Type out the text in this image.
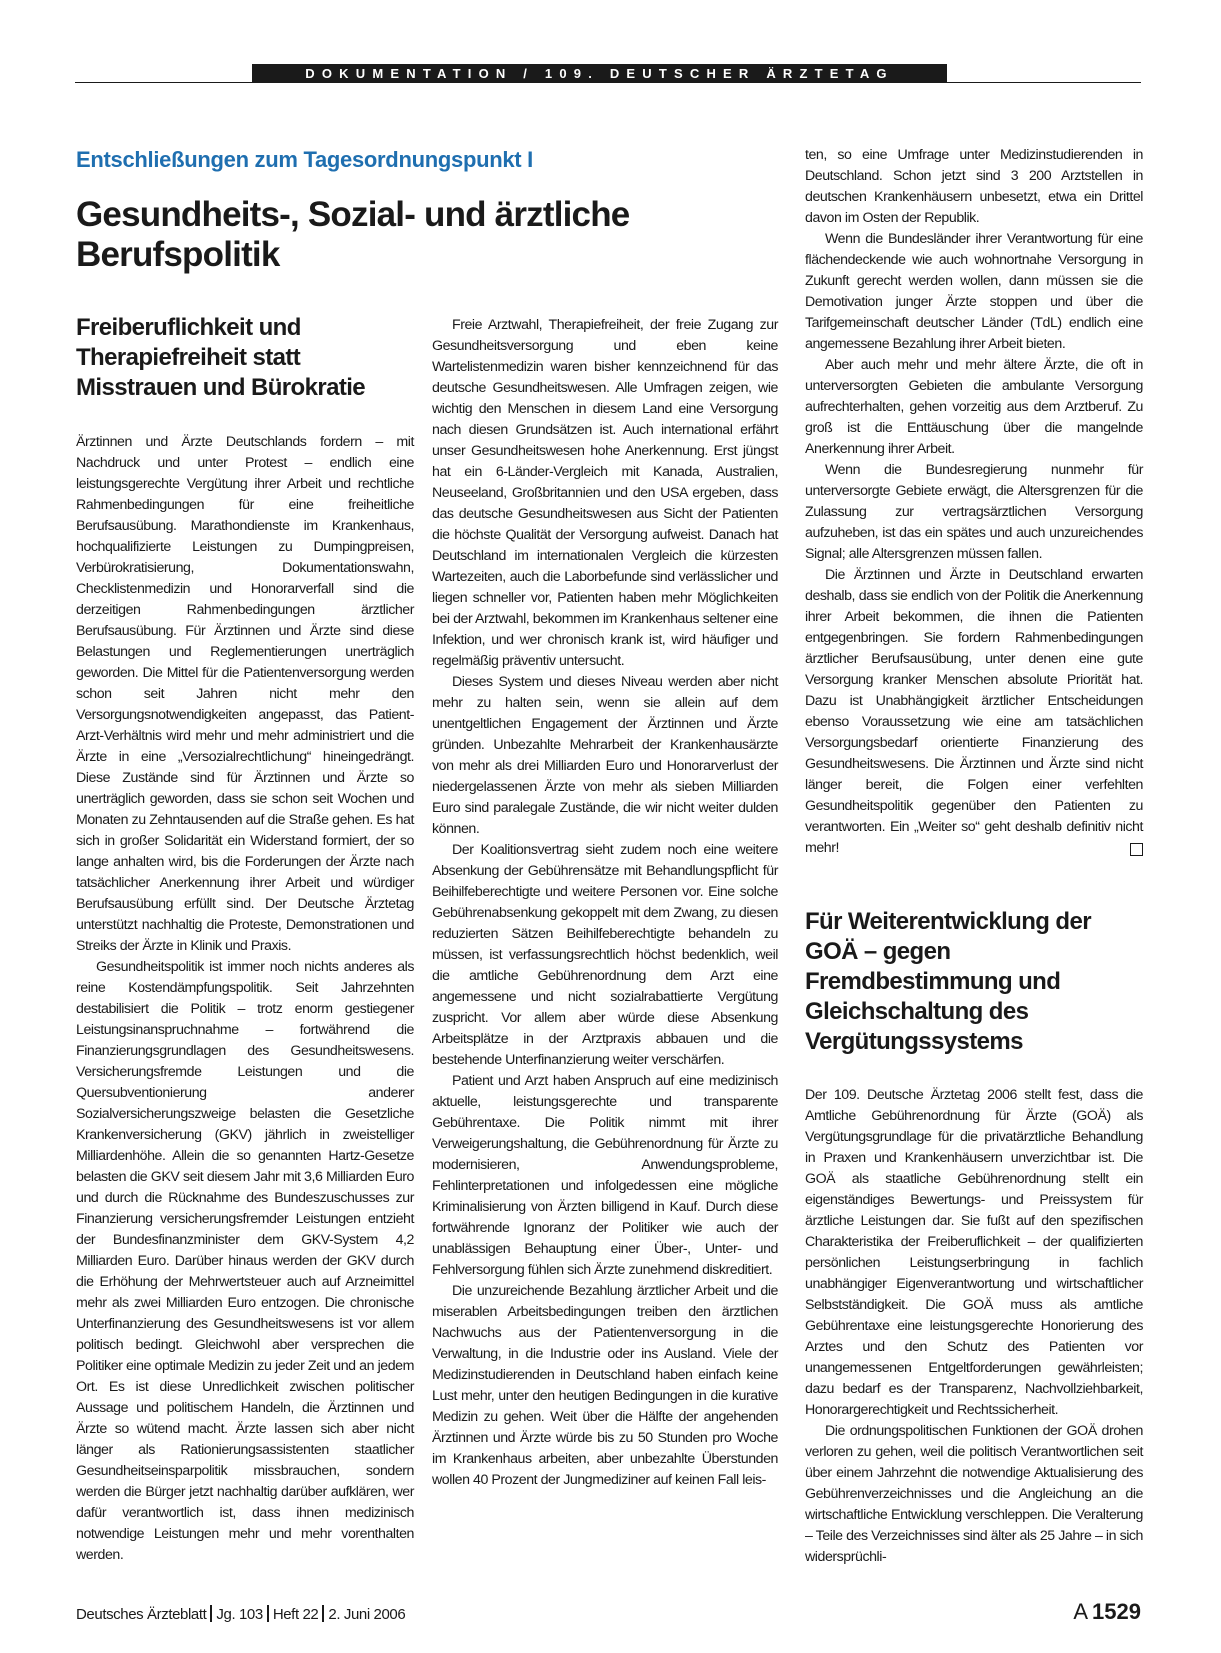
DOKUMENTATION / 109. DEUTSCHER ÄRZTETAG
Entschließungen zum Tagesordnungspunkt I
Gesundheits-, Sozial- und ärztliche Berufspolitik
Freiberuflichkeit und Therapiefreiheit statt Misstrauen und Bürokratie

Ärztinnen und Ärzte Deutschlands fordern – mit Nachdruck und unter Protest – endlich eine leistungsgerechte Vergütung ihrer Arbeit und rechtliche Rahmenbedingungen für eine freiheitliche Berufsausübung. Marathondienste im Krankenhaus, hochqualifizierte Leistungen zu Dumpingpreisen, Verbürokratisierung, Dokumentationswahn, Checklistenmedizin und Honorarverfall sind die derzeitigen Rahmenbedingungen ärztlicher Berufsausübung. Für Ärztinnen und Ärzte sind diese Belastungen und Reglementierungen unerträglich geworden. Die Mittel für die Patientenversorgung werden schon seit Jahren nicht mehr den Versorgungsnotwendigkeiten angepasst, das Patient-Arzt-Verhältnis wird mehr und mehr administriert und die Ärzte in eine „Versozialrechtlichung“ hineingedrängt. Diese Zustände sind für Ärztinnen und Ärzte so unerträglich geworden, dass sie schon seit Wochen und Monaten zu Zehntausenden auf die Straße gehen. Es hat sich in großer Solidarität ein Widerstand formiert, der so lange anhalten wird, bis die Forderungen der Ärzte nach tatsächlicher Anerkennung ihrer Arbeit und würdiger Berufsausübung erfüllt sind. Der Deutsche Ärztetag unterstützt nachhaltig die Proteste, Demonstrationen und Streiks der Ärzte in Klinik und Praxis.

Gesundheitspolitik ist immer noch nichts anderes als reine Kostendämpfungspolitik. Seit Jahrzehnten destabilisiert die Politik – trotz enorm gestiegener Leistungsinanspruchnahme – fortwährend die Finanzierungsgrundlagen des Gesundheitswesens. Versicherungsfremde Leistungen und die Quersubventionierung anderer Sozialversicherungszweige belasten die Gesetzliche Krankenversicherung (GKV) jährlich in zweistelliger Milliardenhöhe. Allein die so genannten Hartz-Gesetze belasten die GKV seit diesem Jahr mit 3,6 Milliarden Euro und durch die Rücknahme des Bundeszuschusses zur Finanzierung versicherungsfremder Leistungen entzieht der Bundesfinanzminister dem GKV-System 4,2 Milliarden Euro. Darüber hinaus werden der GKV durch die Erhöhung der Mehrwertsteuer auch auf Arzneimittel mehr als zwei Milliarden Euro entzogen. Die chronische Unterfinanzierung des Gesundheitswesens ist vor allem politisch bedingt. Gleichwohl aber versprechen die Politiker eine optimale Medizin zu jeder Zeit und an jedem Ort. Es ist diese Unredlichkeit zwischen politischer Aussage und politischem Handeln, die Ärztinnen und Ärzte so wütend macht. Ärzte lassen sich aber nicht länger als Rationierungsassistenten staatlicher Gesundheitseinsparpolitik missbrauchen, sondern werden die Bürger jetzt nachhaltig darüber aufklären, wer dafür verantwortlich ist, dass ihnen medizinisch notwendige Leistungen mehr und mehr vorenthalten werden.

Freie Arztwahl, Therapiefreiheit, der freie Zugang zur Gesundheitsversorgung und eben keine Wartelistenmedizin waren bisher kennzeichnend für das deutsche Gesundheitswesen. Alle Umfragen zeigen, wie wichtig den Menschen in diesem Land eine Versorgung nach diesen Grundsätzen ist. Auch international erfährt unser Gesundheitswesen hohe Anerkennung. Erst jüngst hat ein 6-Länder-Vergleich mit Kanada, Australien, Neuseeland, Großbritannien und den USA ergeben, dass das deutsche Gesundheitswesen aus Sicht der Patienten die höchste Qualität der Versorgung aufweist. Danach hat Deutschland im internationalen Vergleich die kürzesten Wartezeiten, auch die Laborbefunde sind verlässlicher und liegen schneller vor, Patienten haben mehr Möglichkeiten bei der Arztwahl, bekommen im Krankenhaus seltener eine Infektion, und wer chronisch krank ist, wird häufiger und regelmäßig präventiv untersucht.

Dieses System und dieses Niveau werden aber nicht mehr zu halten sein, wenn sie allein auf dem unentgeltlichen Engagement der Ärztinnen und Ärzte gründen. Unbezahlte Mehrarbeit der Krankenhausärzte von mehr als drei Milliarden Euro und Honorarverlust der niedergelassenen Ärzte von mehr als sieben Milliarden Euro sind paralegale Zustände, die wir nicht weiter dulden können.

Der Koalitionsvertrag sieht zudem noch eine weitere Absenkung der Gebührensätze mit Behandlungspflicht für Beihilfeberechtigte und weitere Personen vor. Eine solche Gebührenabsenkung gekoppelt mit dem Zwang, zu diesen reduzierten Sätzen Beihilfeberechtigte behandeln zu müssen, ist verfassungsrechtlich höchst bedenklich, weil die amtliche Gebührenordnung dem Arzt eine angemessene und nicht sozialrabattierte Vergütung zuspricht. Vor allem aber würde diese Absenkung Arbeitsplätze in der Arztpraxis abbauen und die bestehende Unterfinanzierung weiter verschärfen.

Patient und Arzt haben Anspruch auf eine medizinisch aktuelle, leistungsgerechte und transparente Gebührentaxe. Die Politik nimmt mit ihrer Verweigerungshaltung, die Gebührenordnung für Ärzte zu modernisieren, Anwendungsprobleme, Fehlinterpretationen und infolgedessen eine mögliche Kriminalisierung von Ärzten billigend in Kauf. Durch diese fortwährende Ignoranz der Politiker wie auch der unablässigen Behauptung einer Über-, Unter- und Fehlversorgung fühlen sich Ärzte zunehmend diskreditiert.

Die unzureichende Bezahlung ärztlicher Arbeit und die miserablen Arbeitsbedingungen treiben den ärztlichen Nachwuchs aus der Patientenversorgung in die Verwaltung, in die Industrie oder ins Ausland. Viele der Medizinstudierenden in Deutschland haben einfach keine Lust mehr, unter den heutigen Bedingungen in die kurative Medizin zu gehen. Weit über die Hälfte der angehenden Ärztinnen und Ärzte würde bis zu 50 Stunden pro Woche im Krankenhaus arbeiten, aber unbezahlte Überstunden wollen 40 Prozent der Jungmediziner auf keinen Fall leis-

ten, so eine Umfrage unter Medizinstudierenden in Deutschland. Schon jetzt sind 3 200 Arztstellen in deutschen Krankenhäusern unbesetzt, etwa ein Drittel davon im Osten der Republik.

Wenn die Bundesländer ihrer Verantwortung für eine flächendeckende wie auch wohnortnahe Versorgung in Zukunft gerecht werden wollen, dann müssen sie die Demotivation junger Ärzte stoppen und über die Tarifgemeinschaft deutscher Länder (TdL) endlich eine angemessene Bezahlung ihrer Arbeit bieten.

Aber auch mehr und mehr ältere Ärzte, die oft in unterversorgten Gebieten die ambulante Versorgung aufrechterhalten, gehen vorzeitig aus dem Arztberuf. Zu groß ist die Enttäuschung über die mangelnde Anerkennung ihrer Arbeit.

Wenn die Bundesregierung nunmehr für unterversorgte Gebiete erwägt, die Altersgrenzen für die Zulassung zur vertragsärztlichen Versorgung aufzuheben, ist das ein spätes und auch unzureichendes Signal; alle Altersgrenzen müssen fallen.

Die Ärztinnen und Ärzte in Deutschland erwarten deshalb, dass sie endlich von der Politik die Anerkennung ihrer Arbeit bekommen, die ihnen die Patienten entgegenbringen. Sie fordern Rahmenbedingungen ärztlicher Berufsausübung, unter denen eine gute Versorgung kranker Menschen absolute Priorität hat. Dazu ist Unabhängigkeit ärztlicher Entscheidungen ebenso Voraussetzung wie eine am tatsächlichen Versorgungsbedarf orientierte Finanzierung des Gesundheitswesens. Die Ärztinnen und Ärzte sind nicht länger bereit, die Folgen einer verfehlten Gesundheitspolitik gegenüber den Patienten zu verantworten. Ein „Weiter so“ geht deshalb definitiv nicht mehr!

Für Weiterentwicklung der GOÄ – gegen Fremdbestimmung und Gleichschaltung des Vergütungssystems

Der 109. Deutsche Ärztetag 2006 stellt fest, dass die Amtliche Gebührenordnung für Ärzte (GOÄ) als Vergütungsgrundlage für die privatärztliche Behandlung in Praxen und Krankenhäusern unverzichtbar ist. Die GOÄ als staatliche Gebührenordnung stellt ein eigenständiges Bewertungs- und Preissystem für ärztliche Leistungen dar. Sie fußt auf den spezifischen Charakteristika der Freiberuflichkeit – der qualifizierten persönlichen Leistungserbringung in fachlich unabhängiger Eigenverantwortung und wirtschaftlicher Selbstständigkeit. Die GOÄ muss als amtliche Gebührentaxe eine leistungsgerechte Honorierung des Arztes und den Schutz des Patienten vor unangemessenen Entgeltforderungen gewährleisten; dazu bedarf es der Transparenz, Nachvollziehbarkeit, Honorargerechtigkeit und Rechtssicherheit.

Die ordnungspolitischen Funktionen der GOÄ drohen verloren zu gehen, weil die politisch Verantwortlichen seit über einem Jahrzehnt die notwendige Aktualisierung des Gebührenverzeichnisses und die Angleichung an die wirtschaftliche Entwicklung verschleppen. Die Veralterung – Teile des Verzeichnisses sind älter als 25 Jahre – in sich widersprüchli-

Deutsches Ärzteblatt Jg. 103 Heft 22 2. Juni 2006	A 1529
